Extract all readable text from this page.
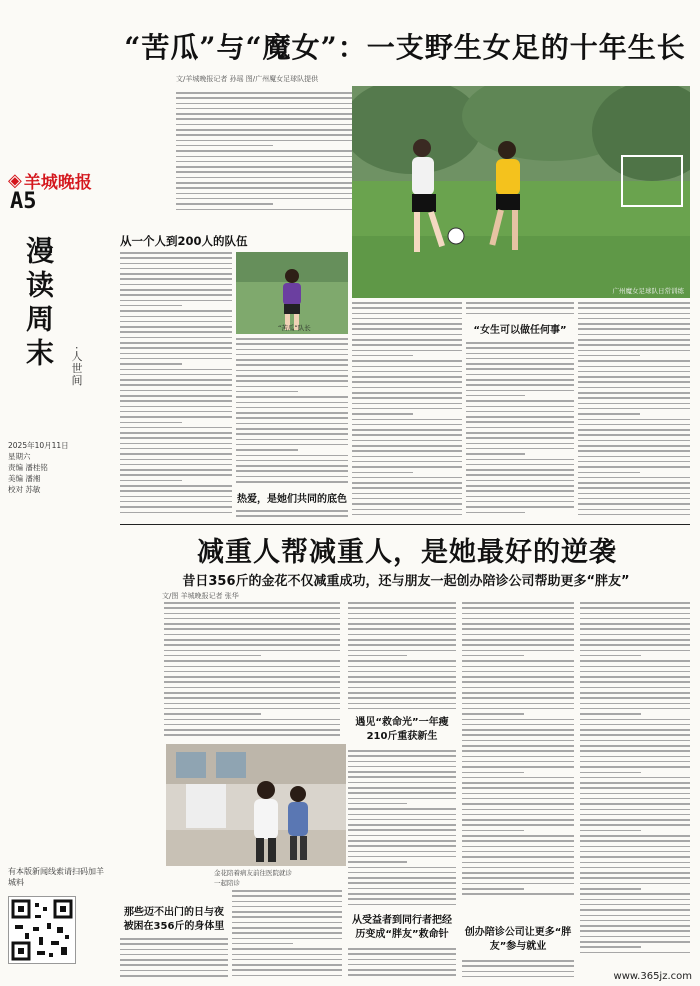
◈ 羊城晚报
A5
漫读周末 ·人世间
2025年10月11日
星期六
责编 潘桂铭
美编 潘湘
校对 苏敏
有本版新闻线索请扫码加羊城料
“苦瓜”与“魔女”：一支野生女足的十年生长
文/羊城晚报记者 孙瑶 图/广州魔女足球队提供
广州魔女足球队日常训练
从一个人到200人的队伍
“苦瓜”队长
热爱，是她们共同的底色
“女生可以做任何事”
减重人帮减重人，是她最好的逆袭
昔日356斤的金花不仅减重成功，还与朋友一起创办陪诊公司帮助更多“胖友”
文/图 羊城晚报记者 张华
金花陪着病友前往医院就诊
一起陪诊
那些迈不出门的日与夜被困在356斤的身体里
遇见“救命光”一年瘦210斤重获新生
从受益者到同行者把经历变成“胖友”救命针	创办陪诊公司让更多“胖友”参与就业
www.365jz.com
